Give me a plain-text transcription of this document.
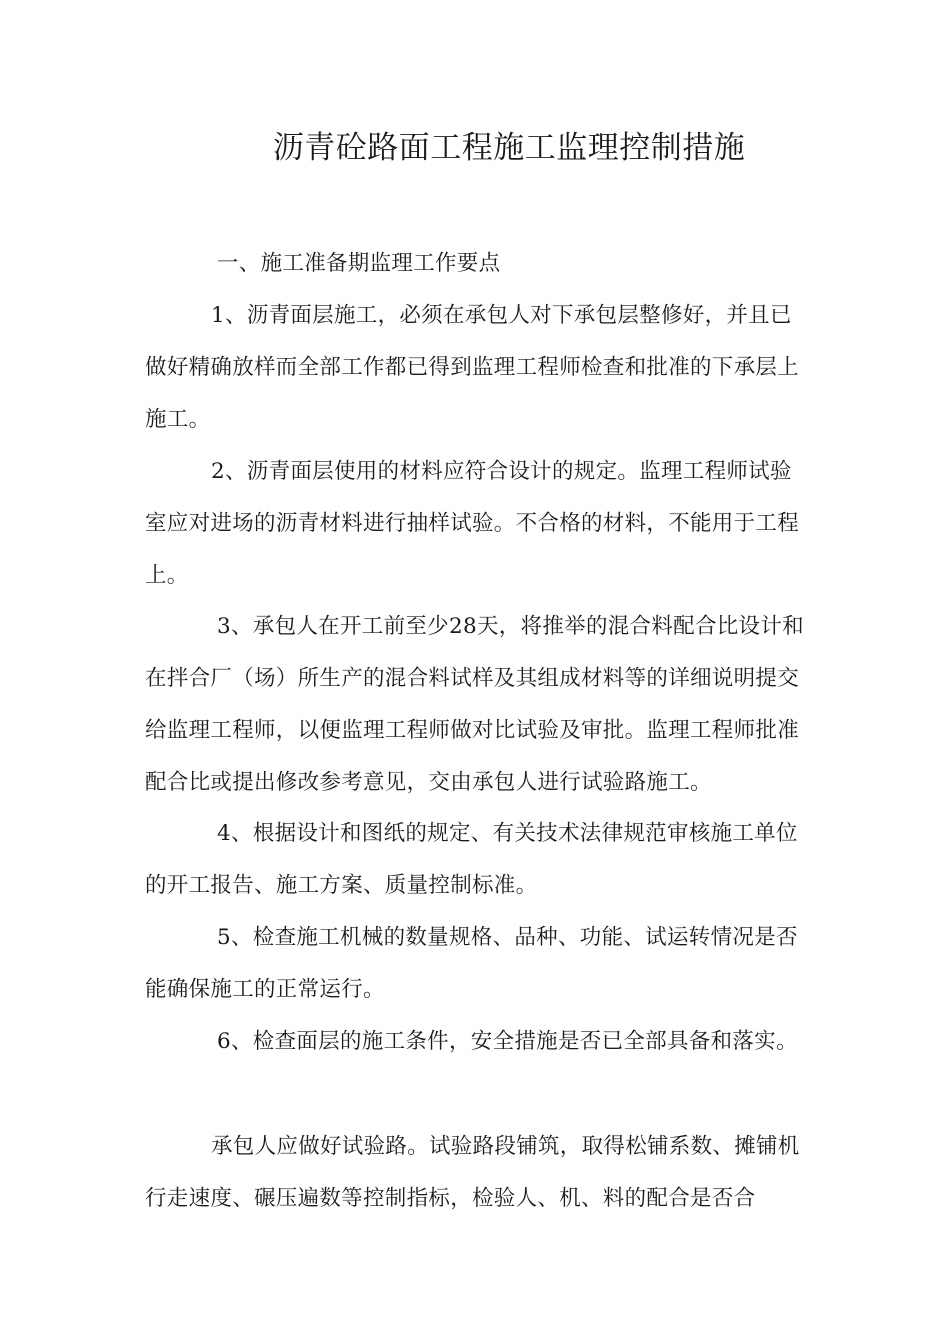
沥青砼路面工程施工监理控制措施

一、施工准备期监理工作要点

1、沥青面层施工，必须在承包人对下承包层整修好，并且已做好精确放样而全部工作都已得到监理工程师检查和批准的下承层上施工。

2、沥青面层使用的材料应符合设计的规定。监理工程师试验室应对进场的沥青材料进行抽样试验。不合格的材料，不能用于工程上。

3、承包人在开工前至少28天，将推举的混合料配合比设计和在拌合厂（场）所生产的混合料试样及其组成材料等的详细说明提交给监理工程师，以便监理工程师做对比试验及审批。监理工程师批准配合比或提出修改参考意见，交由承包人进行试验路施工。

4、根据设计和图纸的规定、有关技术法律规范审核施工单位的开工报告、施工方案、质量控制标准。

5、检查施工机械的数量规格、品种、功能、试运转情况是否能确保施工的正常运行。

6、检查面层的施工条件，安全措施是否已全部具备和落实。

承包人应做好试验路。试验路段铺筑，取得松铺系数、摊铺机行走速度、碾压遍数等控制指标，检验人、机、料的配合是否合
